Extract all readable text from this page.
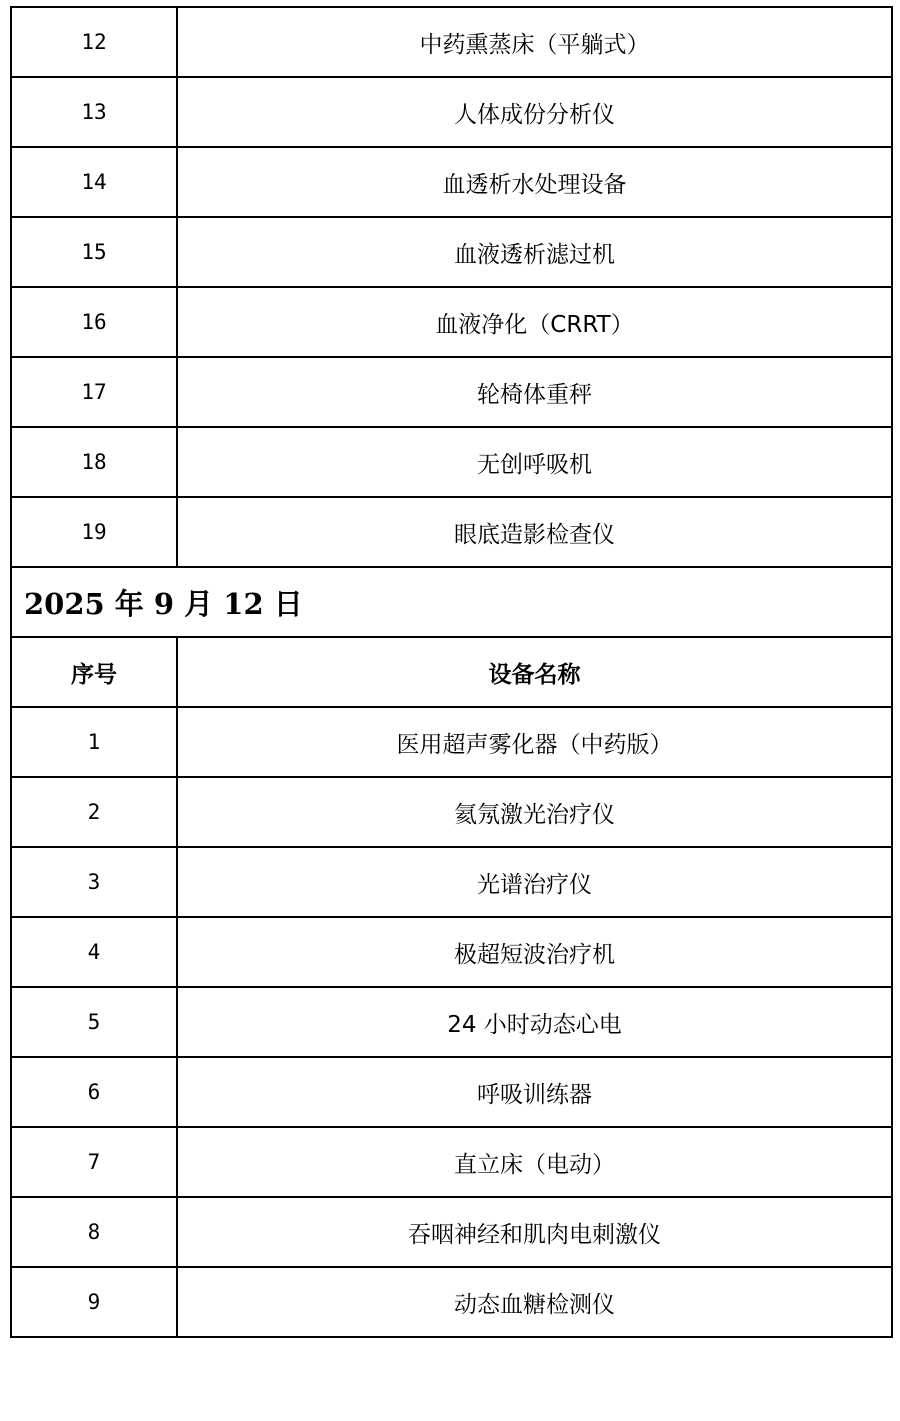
12	中药熏蒸床（平躺式）
13	人体成份分析仪
14	血透析水处理设备
15	血液透析滤过机
16	血液净化（CRRT）
17	轮椅体重秤
18	无创呼吸机
19	眼底造影检查仪
2025 年 9 月 12 日	
序号	设备名称
1	医用超声雾化器（中药版）
2	氦氖激光治疗仪
3	光谱治疗仪
4	极超短波治疗机
5	24 小时动态心电
6	呼吸训练器
7	直立床（电动）
8	吞咽神经和肌肉电刺激仪
9	动态血糖检测仪
